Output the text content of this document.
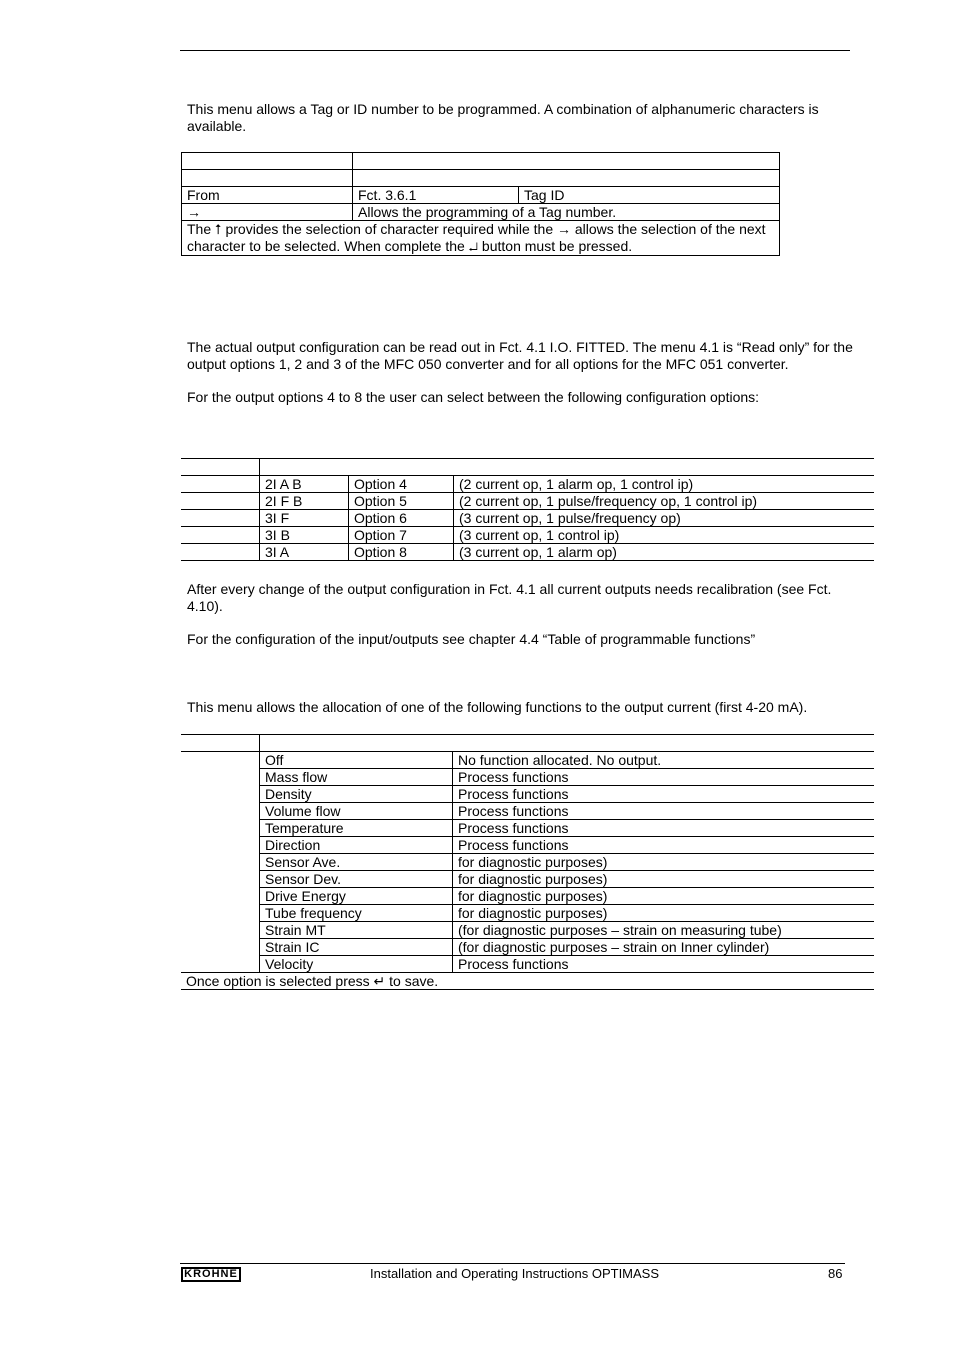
This menu allows a Tag or ID number to be programmed. A combination of alphanumeric characters is available.

From	Fct. 3.6.1	Tag ID
→	Allows the programming of a Tag number.	
The ⭡ provides the selection of character required while the → allows the selection of the next character to be selected. When complete the ↵ button must be pressed.		

The actual output configuration can be read out in Fct. 4.1 I.O. FITTED. The menu 4.1 is “Read only” for the output options 1, 2 and 3 of the MFC 050 converter and for all options for the MFC 051 converter.

For the output options 4 to 8 the user can select between the following configuration options:

	2I A B	Option 4	(2 current op, 1 alarm op, 1 control ip)
	2I F B	Option 5	(2 current op, 1 pulse/frequency op, 1 control ip)
	3I F	Option 6	(3 current op, 1 pulse/frequency op)
	3I B	Option 7	(3 current op, 1 control ip)
	3I A	Option 8	(3 current op, 1 alarm op)

After every change of the output configuration in Fct. 4.1 all current outputs needs recalibration (see Fct. 4.10).

For the configuration of the input/outputs see chapter 4.4 “Table of programmable functions”

This menu allows the allocation of one of the following functions to the output current (first 4-20 mA).

	Off	No function allocated. No output.
	Mass flow	Process functions
	Density	Process functions
	Volume flow	Process functions
	Temperature	Process functions
	Direction	Process functions
	Sensor Ave.	for diagnostic purposes)
	Sensor Dev.	for diagnostic purposes)
	Drive Energy	for diagnostic purposes)
	Tube frequency	for diagnostic purposes)
	Strain MT	(for diagnostic purposes – strain on measuring tube)
	Strain IC	(for diagnostic purposes – strain on Inner cylinder)
	Velocity	Process functions
Once option is selected press ↵ to save.		
KROHNE	Installation and Operating Instructions OPTIMASS	86
